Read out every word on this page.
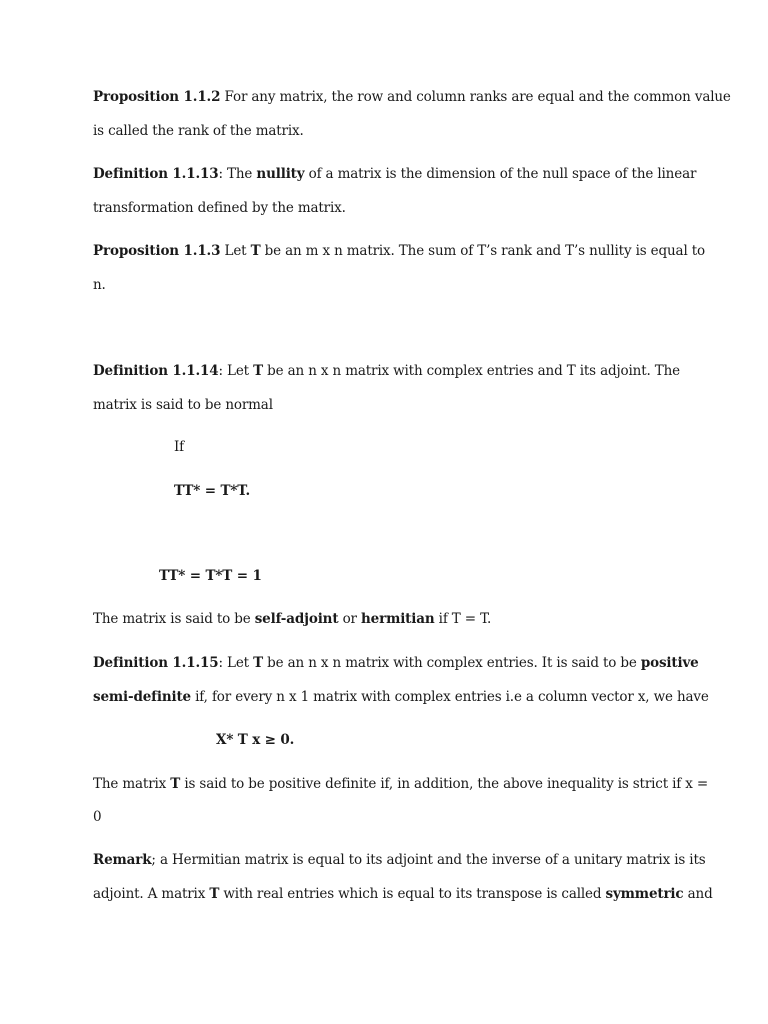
Proposition 1.1.2 For any matrix, the row and column ranks are equal and the common value
is called the rank of the matrix.
Definition 1.1.13: The nullity of a matrix is the dimension of the null space of the linear
transformation defined by the matrix.
Proposition 1.1.3 Let T be an m x n matrix. The sum of T’s rank and T’s nullity is equal to
n.
Definition 1.1.14: Let T be an n x n matrix with complex entries and T its adjoint. The
matrix is said to be normal
If
TT* = T*T.
TT* = T*T = 1
The matrix is said to be self-adjoint or hermitian if T = T.
Definition 1.1.15: Let T be an n x n matrix with complex entries. It is said to be positive
semi-definite if, for every n x 1 matrix with complex entries i.e a column vector x, we have
X* T x ≥ 0.
The matrix T is said to be positive definite if, in addition, the above inequality is strict if x =
0
Remark; a Hermitian matrix is equal to its adjoint and the inverse of a unitary matrix is its
adjoint. A matrix T with real entries which is equal to its transpose is called symmetric and
